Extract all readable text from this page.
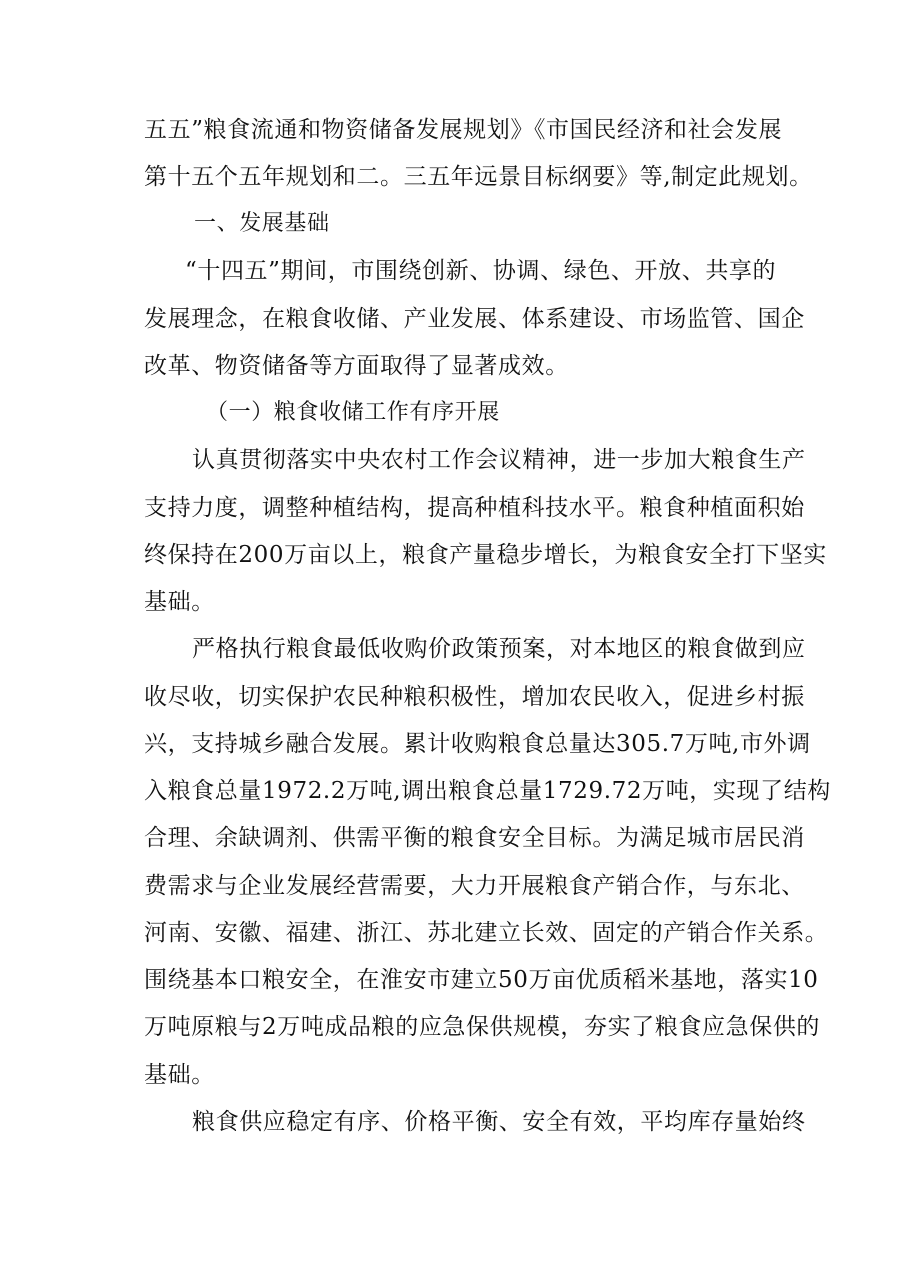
五五”粮食流通和物资储备发展规划》《市国民经济和社会发展
第十五个五年规划和二。三五年远景目标纲要》等,制定此规划。
一、发展基础
“十四五”期间，市围绕创新、协调、绿色、开放、共享的
发展理念，在粮食收储、产业发展、体系建设、市场监管、国企
改革、物资储备等方面取得了显著成效。
（一）粮食收储工作有序开展
认真贯彻落实中央农村工作会议精神，进一步加大粮食生产
支持力度，调整种植结构，提高种植科技水平。粮食种植面积始
终保持在200万亩以上，粮食产量稳步增长，为粮食安全打下坚实
基础。
严格执行粮食最低收购价政策预案，对本地区的粮食做到应
收尽收，切实保护农民种粮积极性，增加农民收入，促进乡村振
兴，支持城乡融合发展。累计收购粮食总量达305.7万吨,市外调
入粮食总量1972.2万吨,调出粮食总量1729.72万吨，实现了结构
合理、余缺调剂、供需平衡的粮食安全目标。为满足城市居民消
费需求与企业发展经营需要，大力开展粮食产销合作，与东北、
河南、安徽、福建、浙江、苏北建立长效、固定的产销合作关系。
围绕基本口粮安全，在淮安市建立50万亩优质稻米基地，落实10
万吨原粮与2万吨成品粮的应急保供规模，夯实了粮食应急保供的
基础。
粮食供应稳定有序、价格平衡、安全有效，平均库存量始终
